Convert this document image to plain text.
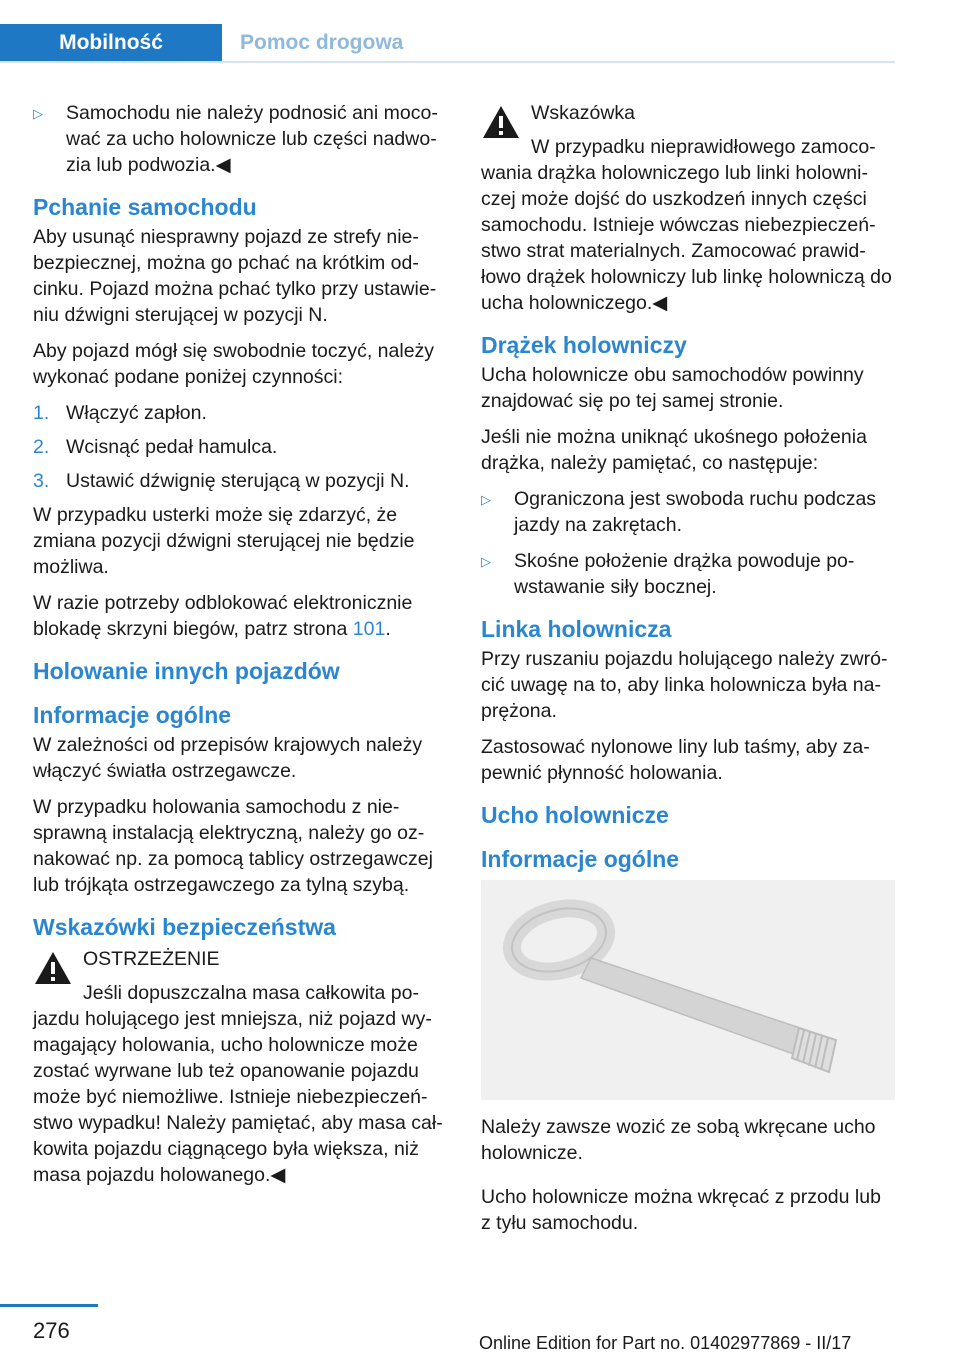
Mobilność	Pomoc drogowa
▷	Samochodu nie należy podnosić ani mocować za ucho holownicze lub części nadwozia lub podwozia.◀
Pchanie samochodu

Aby usunąć niesprawny pojazd ze strefy niebezpiecznej, można go pchać na krótkim odcinku. Pojazd można pchać tylko przy ustawieniu dźwigni sterującej w pozycji N.

Aby pojazd mógł się swobodnie toczyć, należy wykonać podane poniżej czynności:

1. Włączyć zapłon.
2. Wcisnąć pedał hamulca.
3. Ustawić dźwignię sterującą w pozycji N.

W przypadku usterki może się zdarzyć, że zmiana pozycji dźwigni sterującej nie będzie możliwa.

W razie potrzeby odblokować elektronicznie blokadę skrzyni biegów, patrz strona 101.

Holowanie innych pojazdów
Informacje ogólne

W zależności od przepisów krajowych należy włączyć światła ostrzegawcze.

W przypadku holowania samochodu z niesprawną instalacją elektryczną, należy go oznakować np. za pomocą tablicy ostrzegawczej lub trójkąta ostrzegawczego za tylną szybą.

Wskazówki bezpieczeństwa
OSTRZEŻENIE

Jeśli dopuszczalna masa całkowita pojazdu holującego jest mniejsza, niż pojazd wymagający holowania, ucho holownicze może zostać wyrwane lub też opanowanie pojazdu może być niemożliwe. Istnieje niebezpieczeństwo wypadku! Należy pamiętać, aby masa całkowita pojazdu ciągnącego była większa, niż masa pojazdu holowanego.◀

Wskazówka

W przypadku nieprawidłowego zamocowania drążka holowniczego lub linki holowniczej może dojść do uszkodzeń innych części samochodu. Istnieje wówczas niebezpieczeństwo strat materialnych. Zamocować prawidłowo drążek holowniczy lub linkę holowniczą do ucha holowniczego.◀

Drążek holowniczy

Ucha holownicze obu samochodów powinny znajdować się po tej samej stronie.

Jeśli nie można uniknąć ukośnego położenia drążka, należy pamiętać, co następuje:

▷	Ograniczona jest swoboda ruchu podczas jazdy na zakrętach.
▷	Skośne położenie drążka powoduje powstawanie siły bocznej.
Linka holownicza

Przy ruszaniu pojazdu holującego należy zwrócić uwagę na to, aby linka holownicza była naprężona.

Zastosować nylonowe liny lub taśmy, aby zapewnić płynność holowania.

Ucho holownicze
Informacje ogólne

Należy zawsze wozić ze sobą wkręcane ucho holownicze.

Ucho holownicze można wkręcać z przodu lub z tyłu samochodu.

276	Online Edition for Part no. 01402977869 - II/17
